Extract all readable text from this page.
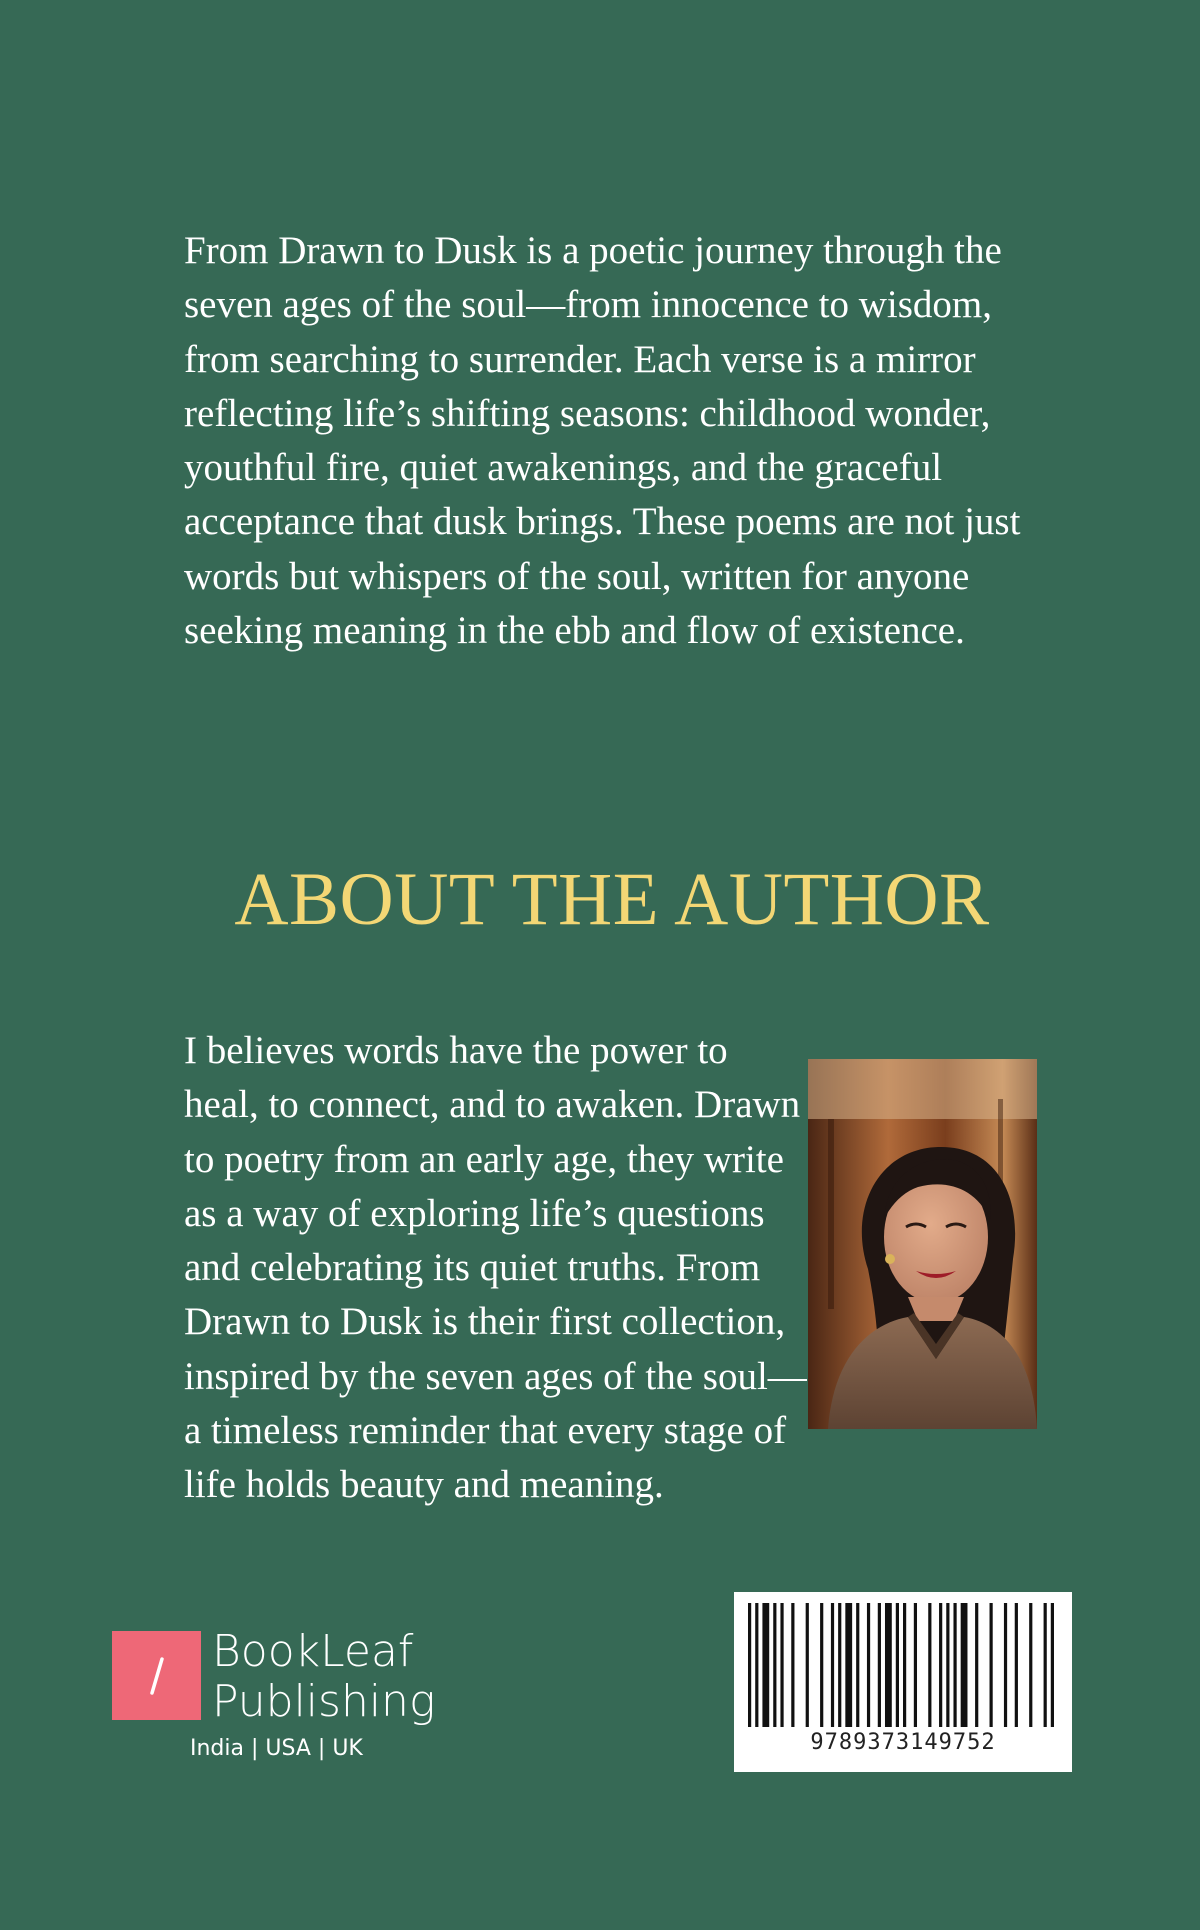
From Drawn to Dusk is a poetic journey through the seven ages of the soul—from innocence to wisdom, from searching to surrender. Each verse is a mirror reflecting life’s shifting seasons: childhood wonder, youthful fire, quiet awakenings, and the graceful acceptance that dusk brings. These poems are not just words but whispers of the soul, written for anyone seeking meaning in the ebb and flow of existence.

ABOUT THE AUTHOR

I believes words have the power to heal, to connect, and to awaken. Drawn to poetry from an early age, they write as a way of exploring life’s questions and celebrating its quiet truths. From Drawn to Dusk is their first collection, inspired by the seven ages of the soul—a timeless reminder that every stage of life holds beauty and meaning.

BookLeaf
Publishing
India | USA | UK	9789373149752
